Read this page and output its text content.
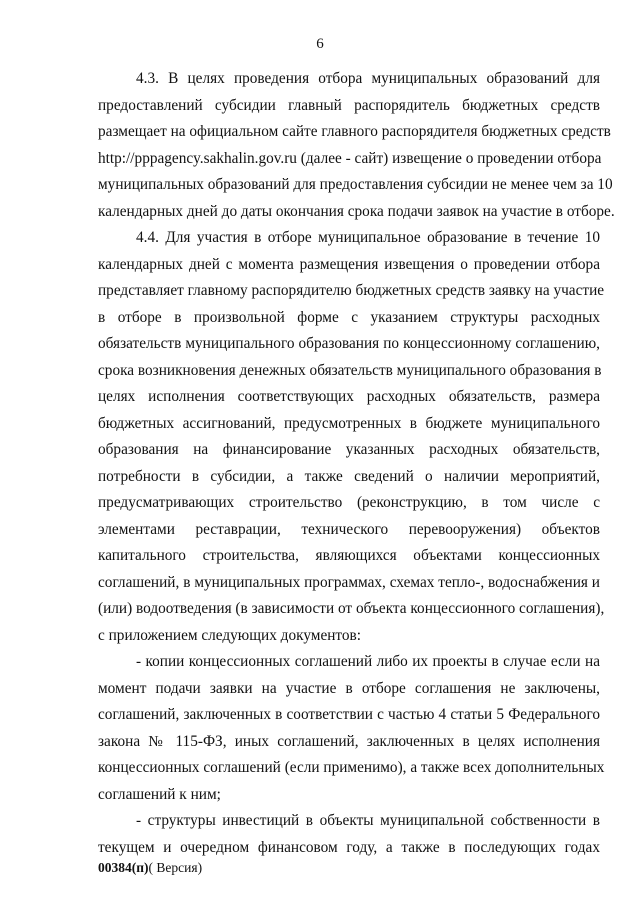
6

4.3. В целях проведения отбора муниципальных образований для
предоставлений субсидии главный распорядитель бюджетных средств
размещает на официальном сайте главного распорядителя бюджетных средств
http://pppagency.sakhalin.gov.ru (далее - сайт) извещение о проведении отбора
муниципальных образований для предоставления субсидии не менее чем за 10
календарных дней до даты окончания срока подачи заявок на участие в отборе.

4.4. Для участия в отборе муниципальное образование в течение 10
календарных дней с момента размещения извещения о проведении отбора
представляет главному распорядителю бюджетных средств заявку на участие
в отборе в произвольной форме с указанием структуры расходных
обязательств муниципального образования по концессионному соглашению,
срока возникновения денежных обязательств муниципального образования в
целях исполнения соответствующих расходных обязательств, размера
бюджетных ассигнований, предусмотренных в бюджете муниципального
образования на финансирование указанных расходных обязательств,
потребности в субсидии, а также сведений о наличии мероприятий,
предусматривающих строительство (реконструкцию, в том числе с
элементами реставрации, технического перевооружения) объектов
капитального строительства, являющихся объектами концессионных
соглашений, в муниципальных программах, схемах тепло-, водоснабжения и
(или) водоотведения (в зависимости от объекта концессионного соглашения),
с приложением следующих документов:

- копии концессионных соглашений либо их проекты в случае если на
момент подачи заявки на участие в отборе соглашения не заключены,
соглашений, заключенных в соответствии с частью 4 статьи 5 Федерального
закона № 115-ФЗ, иных соглашений, заключенных в целях исполнения
концессионных соглашений (если применимо), а также всех дополнительных
соглашений к ним;

- структуры инвестиций в объекты муниципальной собственности в
текущем и очередном финансовом году, а также в последующих годах

00384(п)( Версия)
